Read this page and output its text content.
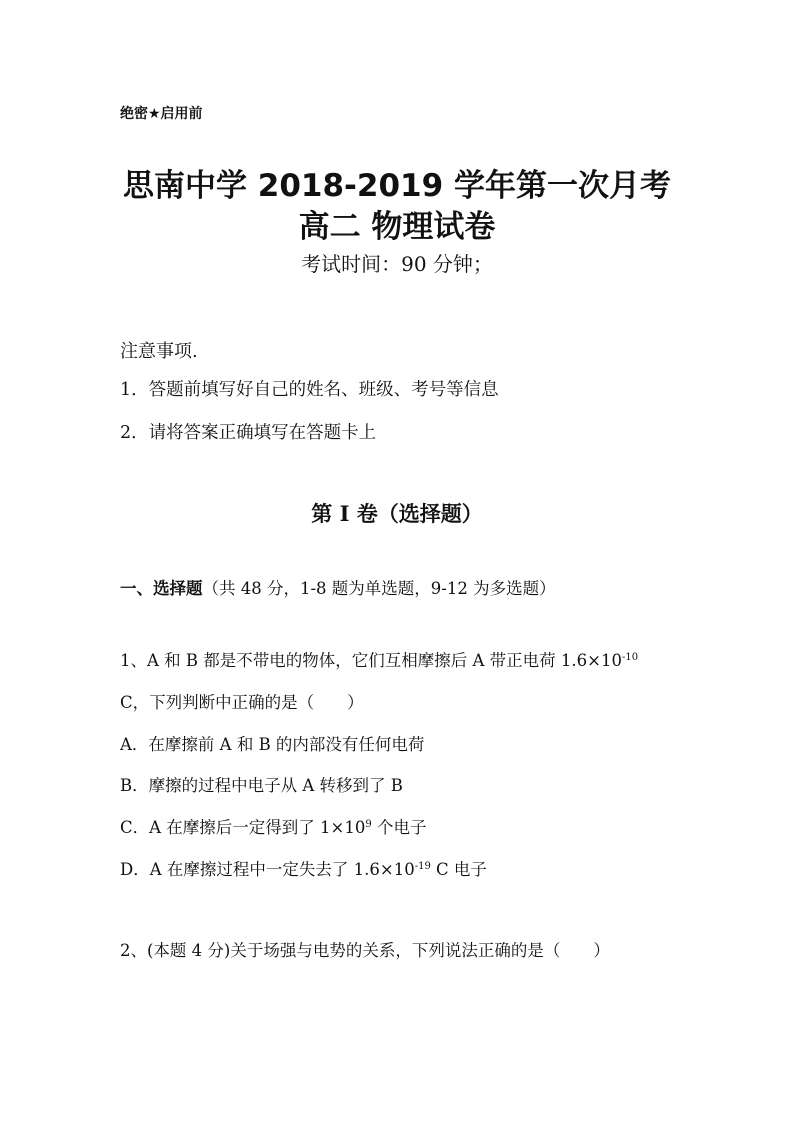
绝密★启用前
思南中学 2018-2019 学年第一次月考
高二 物理试卷
考试时间：90 分钟；
注意事项.
1．答题前填写好自己的姓名、班级、考号等信息
2．请将答案正确填写在答题卡上
第 I 卷（选择题）
一、选择题（共 48 分，1-8 题为单选题，9-12 为多选题）
1、A 和 B 都是不带电的物体，它们互相摩擦后 A 带正电荷 $1.6\times 10^{-10}$
C，下列判断中正确的是（　　）
A．在摩擦前 A 和 B 的内部没有任何电荷
B．摩擦的过程中电子从 A 转移到了 B
C．A 在摩擦后一定得到了 $1\times 10^9$ 个电子
D．A 在摩擦过程中一定失去了 $1.6\times 10^{-19}$ C 电子
2、(本题 4 分)关于场强与电势的关系，下列说法正确的是（　　）
